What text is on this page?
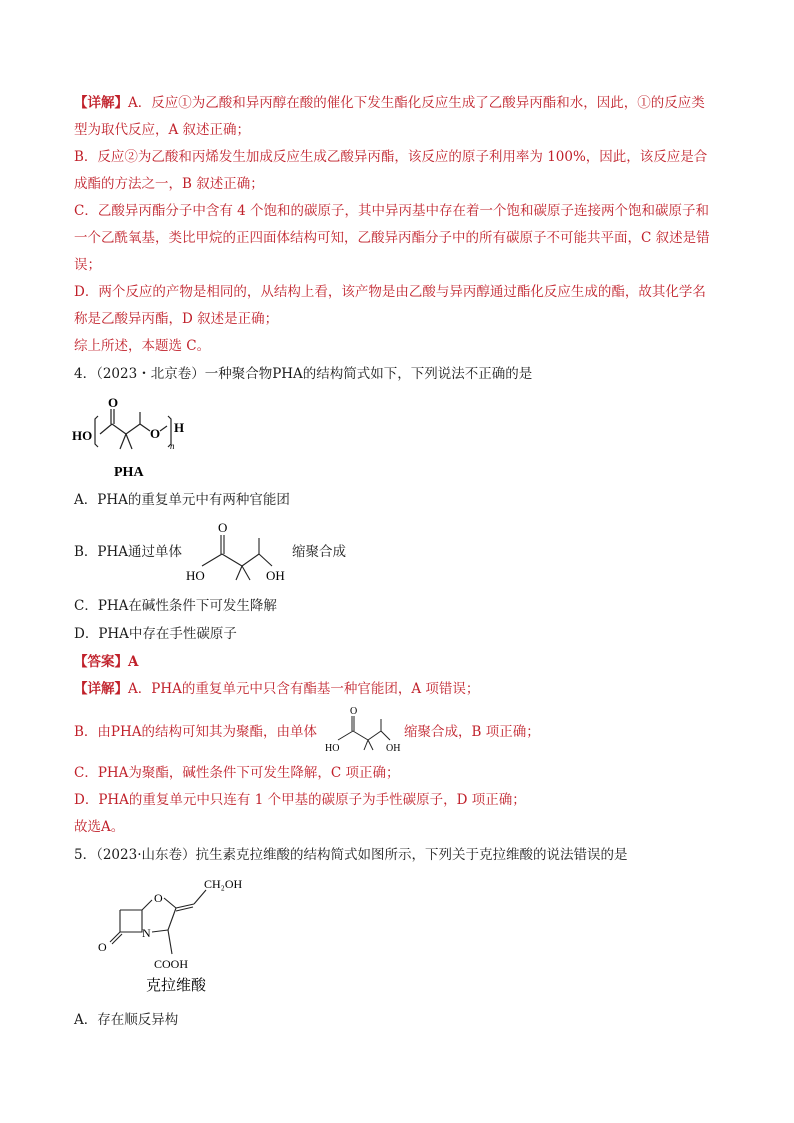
【详解】A．反应①为乙酸和异丙醇在酸的催化下发生酯化反应生成了乙酸异丙酯和水，因此，①的反应类
型为取代反应，A 叙述正确；
B．反应②为乙酸和丙烯发生加成反应生成乙酸异丙酯，该反应的原子利用率为 100%，因此，该反应是合
成酯的方法之一，B 叙述正确；
C．乙酸异丙酯分子中含有 4 个饱和的碳原子，其中异丙基中存在着一个饱和碳原子连接两个饱和碳原子和
一个乙酰氧基，类比甲烷的正四面体结构可知，乙酸异丙酯分子中的所有碳原子不可能共平面，C 叙述是错
误；
D．两个反应的产物是相同的，从结构上看，该产物是由乙酸与异丙醇通过酯化反应生成的酯，故其化学名
称是乙酸异丙酯，D 叙述是正确；
综上所述，本题选 C。
4．（2023・北京卷）一种聚合物PHA的结构简式如下，下列说法不正确的是
HO
O
O H
n
PHA
A．PHA的重复单元中有两种官能团
B．PHA通过单体
O
HO	OH
缩聚合成
C．PHA在碱性条件下可发生降解
D．PHA中存在手性碳原子
【答案】A
【详解】A．PHA的重复单元中只含有酯基一种官能团，A 项错误；
B．由PHA的结构可知其为聚酯，由单体
O
HO	OH
缩聚合成，B 项正确；
C．PHA为聚酯，碱性条件下可发生降解，C 项正确；
D．PHA的重复单元中只连有 1 个甲基的碳原子为手性碳原子，D 项正确；
故选A。
5．（2023·山东卷）抗生素克拉维酸的结构简式如图所示，下列关于克拉维酸的说法错误的是
O
N
O
CH₂OH
COOH
克拉维酸
A．存在顺反异构
